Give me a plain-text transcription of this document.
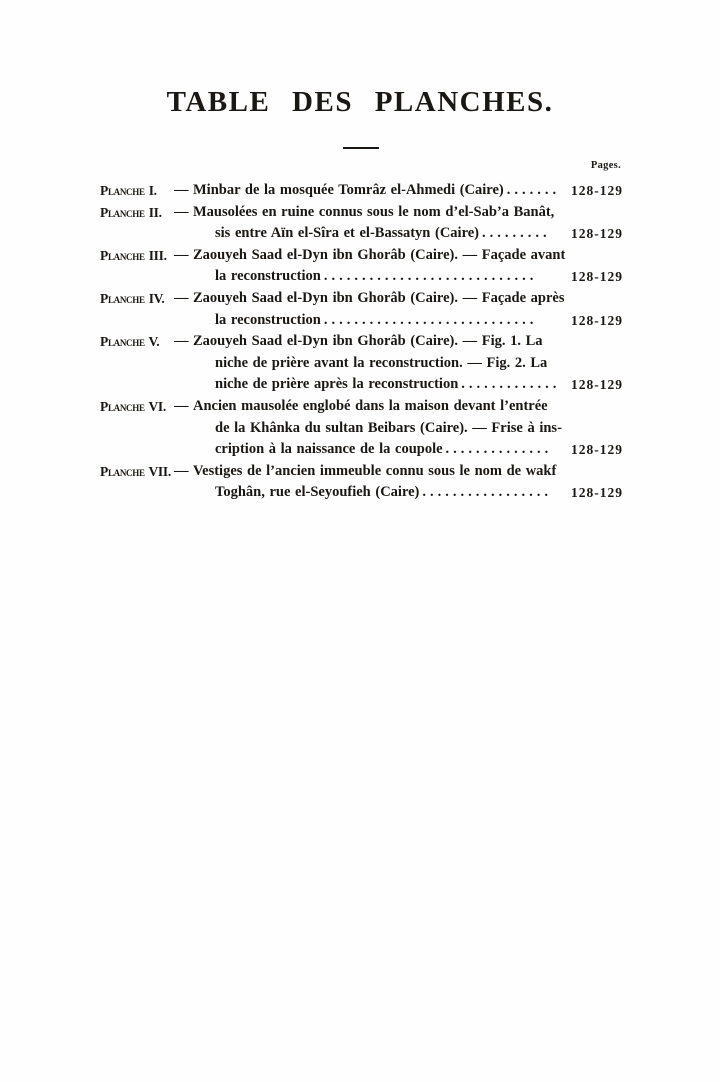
TABLE DES PLANCHES.
Pages.
Planche I.	— Minbar de la mosquée Tomrâz el-Ahmedi (Caire) ....... 128-129
Planche II. — Mausolées en ruine connus sous le nom d’el-Sab’a Banât,
sis entre Aïn el-Sîra et el-Bassatyn (Caire) .........	128-129
Planche III. — Zaouyeh Saad el-Dyn ibn Ghorâb (Caire). — Façade avant
la reconstruction ............................	128-129
Planche IV. — Zaouyeh Saad el-Dyn ibn Ghorâb (Caire). — Façade après
la reconstruction ............................	128-129
Planche V.	— Zaouyeh Saad el-Dyn ibn Ghorâb (Caire). — Fig. 1. La
niche de prière avant la reconstruction. — Fig. 2. La
niche de prière après la reconstruction ............. 128-129
Planche VI. — Ancien mausolée englobé dans la maison devant l’entrée
de la Khânka du sultan Beibars (Caire). — Frise à ins-
cription à la naissance de la coupole ..............	128-129
Planche VII. — Vestiges de l’ancien immeuble connu sous le nom de wakf
Toghân, rue el-Seyoufieh (Caire) .................	128-129
